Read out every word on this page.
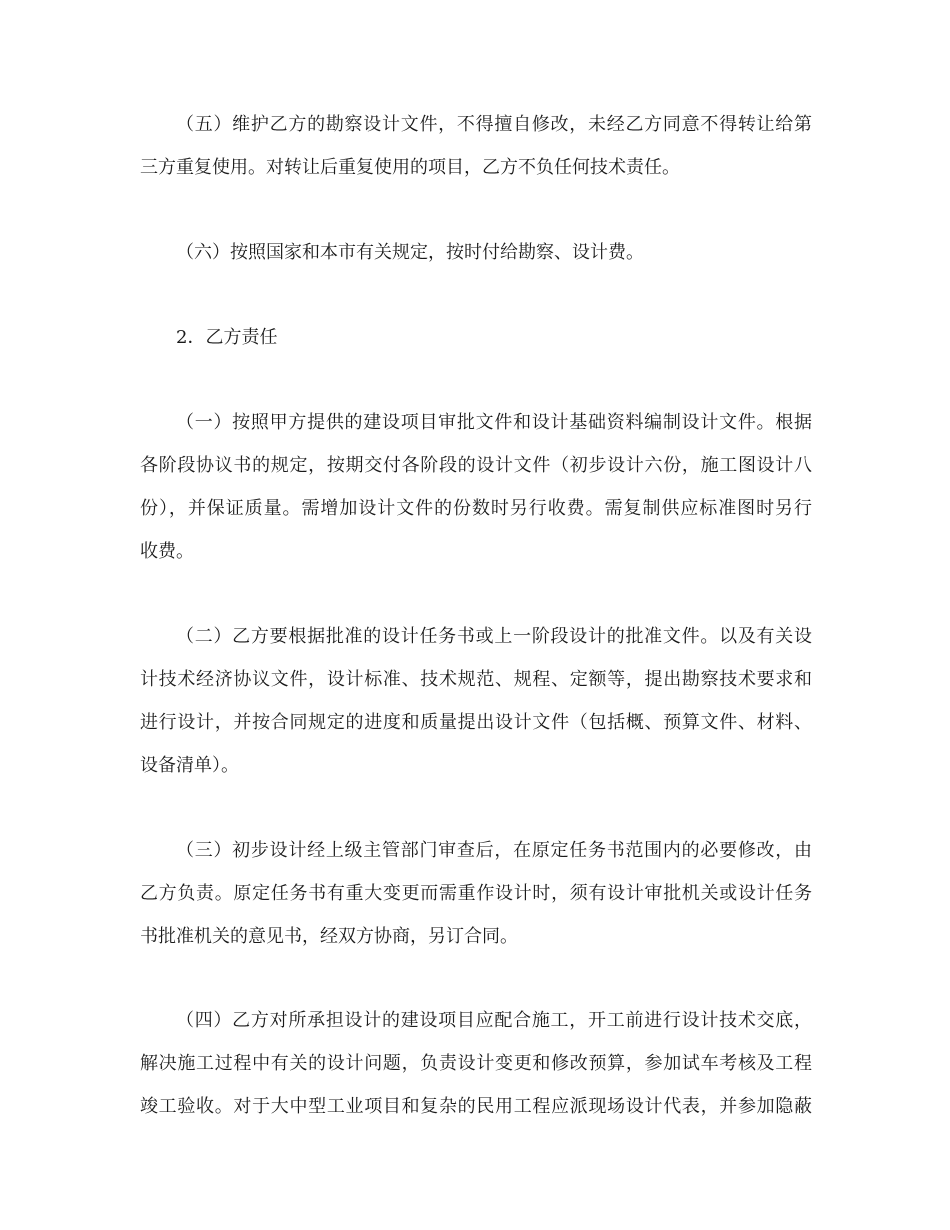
（五）维护乙方的勘察设计文件，不得擅自修改，未经乙方同意不得转让给第
三方重复使用。对转让后重复使用的项目，乙方不负任何技术责任。
（六）按照国家和本市有关规定，按时付给勘察、设计费。
2．乙方责任
（一）按照甲方提供的建设项目审批文件和设计基础资料编制设计文件。根据
各阶段协议书的规定，按期交付各阶段的设计文件（初步设计六份，施工图设计八
份），并保证质量。需增加设计文件的份数时另行收费。需复制供应标准图时另行
收费。
（二）乙方要根据批准的设计任务书或上一阶段设计的批准文件。以及有关设
计技术经济协议文件，设计标准、技术规范、规程、定额等，提出勘察技术要求和
进行设计，并按合同规定的进度和质量提出设计文件（包括概、预算文件、材料、
设备清单）。
（三）初步设计经上级主管部门审查后，在原定任务书范围内的必要修改，由
乙方负责。原定任务书有重大变更而需重作设计时，须有设计审批机关或设计任务
书批准机关的意见书，经双方协商，另订合同。
（四）乙方对所承担设计的建设项目应配合施工，开工前进行设计技术交底，
解决施工过程中有关的设计问题，负责设计变更和修改预算，参加试车考核及工程
竣工验收。对于大中型工业项目和复杂的民用工程应派现场设计代表，并参加隐蔽
